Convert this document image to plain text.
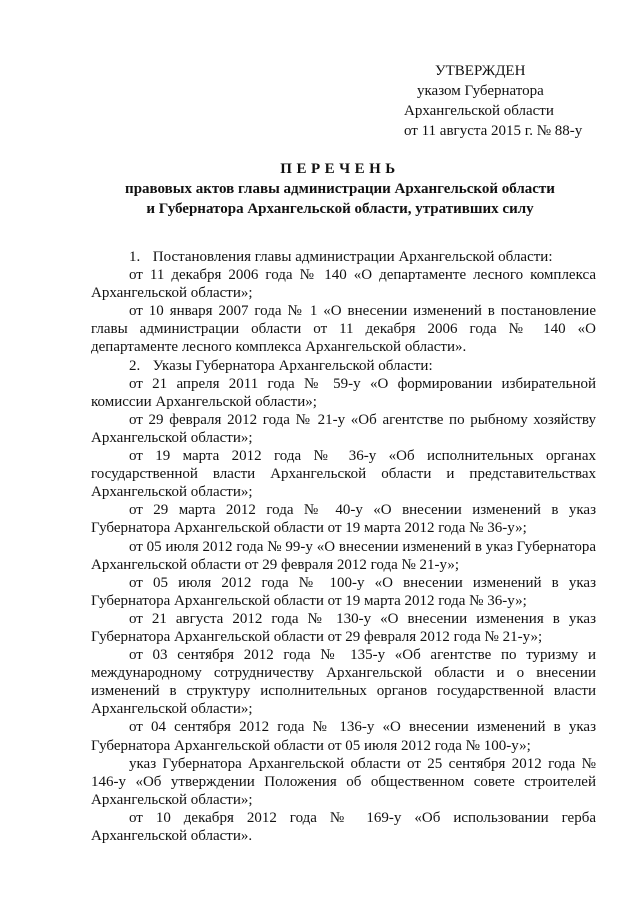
УТВЕРЖДЕН
указом Губернатора
Архангельской области
от 11 августа 2015 г. № 88-у
ПЕРЕЧЕНЬ
правовых актов главы администрации Архангельской области
и Губернатора Архангельской области, утративших силу
1. Постановления главы администрации Архангельской области:

от 11 декабря 2006 года № 140 «О департаменте лесного комплекса Архангельской области»;

от 10 января 2007 года № 1 «О внесении изменений в постановление главы администрации области от 11 декабря 2006 года № 140 «О департаменте лесного комплекса Архангельской области».

2. Указы Губернатора Архангельской области:

от 21 апреля 2011 года № 59-у «О формировании избирательной комиссии Архангельской области»;

от 29 февраля 2012 года № 21-у «Об агентстве по рыбному хозяйству Архангельской области»;

от 19 марта 2012 года № 36-у «Об исполнительных органах государственной власти Архангельской области и представительствах Архангельской области»;

от 29 марта 2012 года № 40-у «О внесении изменений в указ Губернатора Архангельской области от 19 марта 2012 года № 36-у»;

от 05 июля 2012 года № 99-у «О внесении изменений в указ Губернатора Архангельской области от 29 февраля 2012 года № 21-у»;

от 05 июля 2012 года № 100-у «О внесении изменений в указ Губернатора Архангельской области от 19 марта 2012 года № 36-у»;

от 21 августа 2012 года № 130-у «О внесении изменения в указ Губернатора Архангельской области от 29 февраля 2012 года № 21-у»;

от 03 сентября 2012 года № 135-у «Об агентстве по туризму и международному сотрудничеству Архангельской области и о внесении изменений в структуру исполнительных органов государственной власти Архангельской области»;

от 04 сентября 2012 года № 136-у «О внесении изменений в указ Губернатора Архангельской области от 05 июля 2012 года № 100-у»;

указ Губернатора Архангельской области от 25 сентября 2012 года № 146-у «Об утверждении Положения об общественном совете строителей Архангельской области»;

от 10 декабря 2012 года № 169-у «Об использовании герба Архангельской области».
